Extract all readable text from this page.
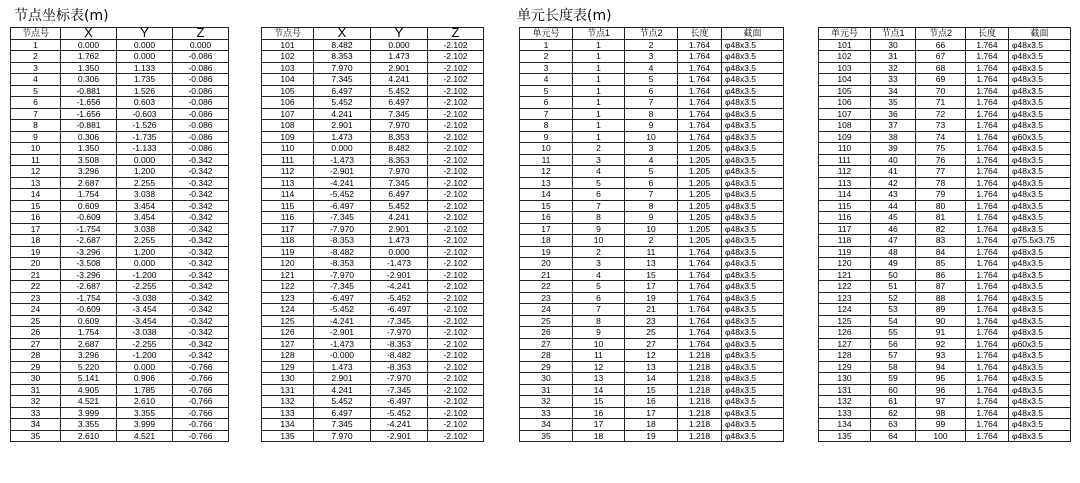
节点坐标表(m)	单元长度表(m)
节点号	X	Y	Z
1	0.000	0.000	0.000
2	1.762	0.000	-0.086
3	1.350	1.133	-0.086
4	0.306	1.735	-0.086
5	-0.881	1.526	-0.086
6	-1.656	0.603	-0.086
7	-1.656	-0.603	-0.086
8	-0.881	-1.526	-0.086
9	0.306	-1.735	-0.086
10	1.350	-1.133	-0.086
11	3.508	0.000	-0.342
12	3.296	1.200	-0.342
13	2.687	2.255	-0.342
14	1.754	3.038	-0.342
15	0.609	3.454	-0.342
16	-0.609	3.454	-0.342
17	-1.754	3.038	-0.342
18	-2.687	2.255	-0.342
19	-3.296	1.200	-0.342
20	-3.508	0.000	-0.342
21	-3.296	-1.200	-0.342
22	-2.687	-2.255	-0.342
23	-1.754	-3.038	-0.342
24	-0.609	-3.454	-0.342
25	0.609	-3.454	-0.342
26	1.754	-3.038	-0.342
27	2.687	-2.255	-0.342
28	3.296	-1.200	-0.342
29	5.220	0.000	-0.766
30	5.141	0.906	-0.766
31	4.905	1.785	-0.766
32	4.521	2.610	-0.766
33	3.999	3.355	-0.766
34	3.355	3.999	-0.766
35	2.610	4.521	-0.766
节点号	X	Y	Z
101	8.482	0.000	-2.102
102	8.353	1.473	-2.102
103	7.970	2.901	-2.102
104	7.345	4.241	-2.102
105	6.497	5.452	-2.102
106	5.452	6.497	-2.102
107	4.241	7.345	-2.102
108	2.901	7.970	-2.102
109	1.473	8.353	-2.102
110	0.000	8.482	-2.102
111	-1.473	8.353	-2.102
112	-2.901	7.970	-2.102
113	-4.241	7.345	-2.102
114	-5.452	6.497	-2.102
115	-6.497	5.452	-2.102
116	-7.345	4.241	-2.102
117	-7.970	2.901	-2.102
118	-8.353	1.473	-2.102
119	-8.482	0.000	-2.102
120	-8.353	-1.473	-2.102
121	-7.970	-2.901	-2.102
122	-7.345	-4.241	-2.102
123	-6.497	-5.452	-2.102
124	-5.452	-6.497	-2.102
125	-4.241	-7.345	-2.102
126	-2.901	-7.970	-2.102
127	-1.473	-8.353	-2.102
128	-0.000	-8.482	-2.102
129	1.473	-8.353	-2.102
130	2.901	-7.970	-2.102
131	4.241	-7.345	-2.102
132	5.452	-6.497	-2.102
133	6.497	-5.452	-2.102
134	7.345	-4.241	-2.102
135	7.970	-2.901	-2.102
单元号	节点1	节点2	长度	截面
1	1	2	1.764	φ48x3.5
2	1	3	1.764	φ48x3.5
3	1	4	1.764	φ48x3.5
4	1	5	1.764	φ48x3.5
5	1	6	1.764	φ48x3.5
6	1	7	1.764	φ48x3.5
7	1	8	1.764	φ48x3.5
8	1	9	1.764	φ48x3.5
9	1	10	1.764	φ48x3.5
10	2	3	1.205	φ48x3.5
11	3	4	1.205	φ48x3.5
12	4	5	1.205	φ48x3.5
13	5	6	1.205	φ48x3.5
14	6	7	1.205	φ48x3.5
15	7	8	1.205	φ48x3.5
16	8	9	1.205	φ48x3.5
17	9	10	1.205	φ48x3.5
18	10	2	1.205	φ48x3.5
19	2	11	1.764	φ48x3.5
20	3	13	1.764	φ48x3.5
21	4	15	1.764	φ48x3.5
22	5	17	1.764	φ48x3.5
23	6	19	1.764	φ48x3.5
24	7	21	1.764	φ48x3.5
25	8	23	1.764	φ48x3.5
26	9	25	1.764	φ48x3.5
27	10	27	1.764	φ48x3.5
28	11	12	1.218	φ48x3.5
29	12	13	1.218	φ48x3.5
30	13	14	1.218	φ48x3.5
31	14	15	1.218	φ48x3.5
32	15	16	1.218	φ48x3.5
33	16	17	1.218	φ48x3.5
34	17	18	1.218	φ48x3.5
35	18	19	1.218	φ48x3.5
单元号	节点1	节点2	长度	截面
101	30	66	1.764	φ48x3.5
102	31	67	1.764	φ48x3.5
103	32	68	1.764	φ48x3.5
104	33	69	1.764	φ48x3.5
105	34	70	1.764	φ48x3.5
106	35	71	1.764	φ48x3.5
107	36	72	1.764	φ48x3.5
108	37	73	1.764	φ48x3.5
109	38	74	1.764	φ60x3.5
110	39	75	1.764	φ48x3.5
111	40	76	1.764	φ48x3.5
112	41	77	1.764	φ48x3.5
113	42	78	1.764	φ48x3.5
114	43	79	1.764	φ48x3.5
115	44	80	1.764	φ48x3.5
116	45	81	1.764	φ48x3.5
117	46	82	1.764	φ48x3.5
118	47	83	1.764	φ75.5x3.75
119	48	84	1.764	φ48x3.5
120	49	85	1.764	φ48x3.5
121	50	86	1.764	φ48x3.5
122	51	87	1.764	φ48x3.5
123	52	88	1.764	φ48x3.5
124	53	89	1.764	φ48x3.5
125	54	90	1.764	φ48x3.5
126	55	91	1.764	φ48x3.5
127	56	92	1.764	φ60x3.5
128	57	93	1.764	φ48x3.5
129	58	94	1.764	φ48x3.5
130	59	95	1.764	φ48x3.5
131	60	96	1.764	φ48x3.5
132	61	97	1.764	φ48x3.5
133	62	98	1.764	φ48x3.5
134	63	99	1.764	φ48x3.5
135	64	100	1.764	φ48x3.5
